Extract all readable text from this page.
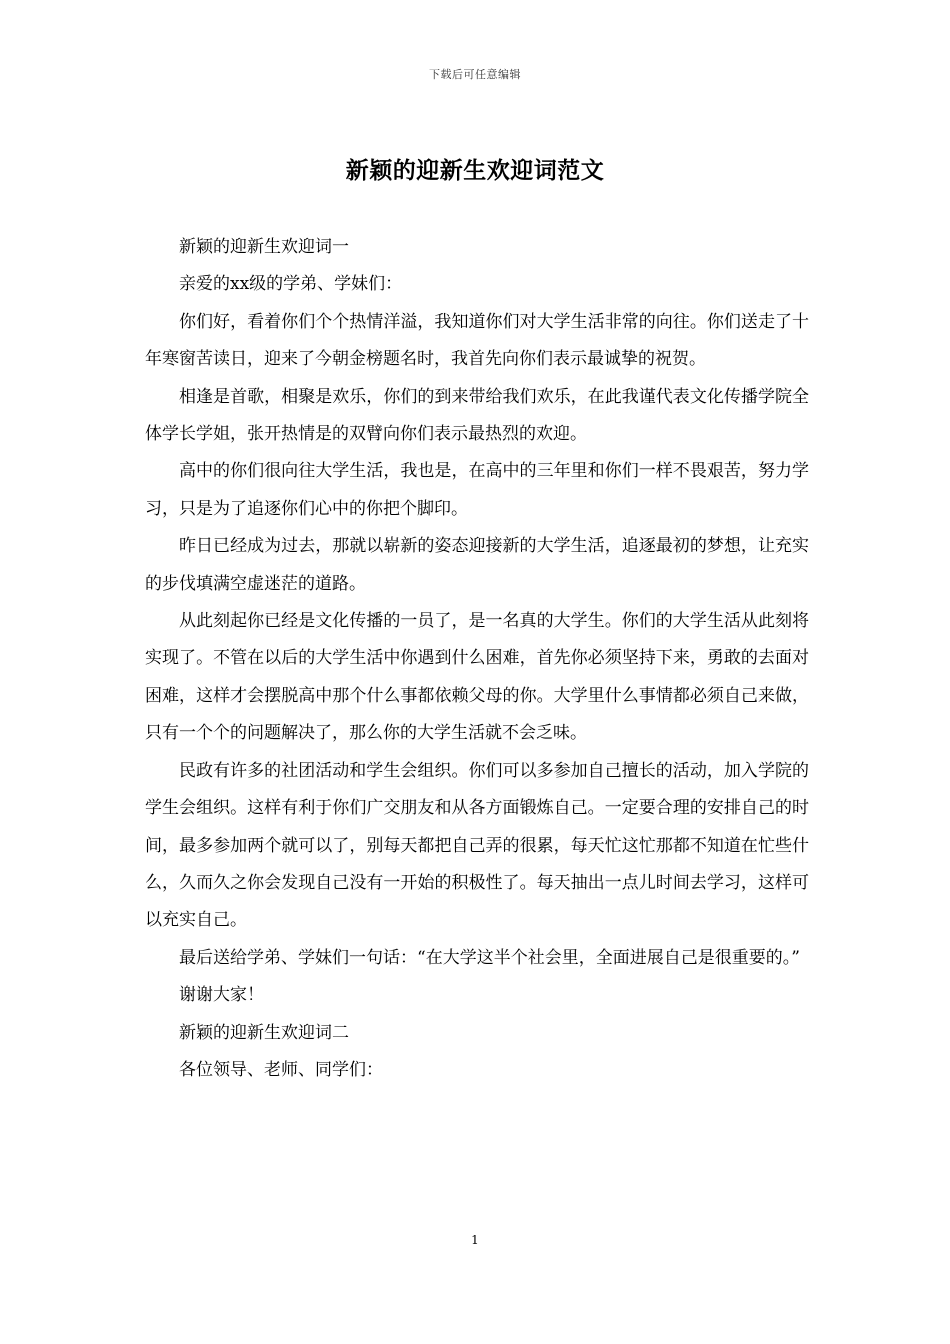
下载后可任意编辑
新颖的迎新生欢迎词范文

新颖的迎新生欢迎词一

亲爱的xx级的学弟、学妹们：

你们好，看着你们个个热情洋溢，我知道你们对大学生活非常的向往。你们送走了十年寒窗苦读日，迎来了今朝金榜题名时，我首先向你们表示最诚挚的祝贺。

相逢是首歌，相聚是欢乐，你们的到来带给我们欢乐，在此我谨代表文化传播学院全体学长学姐，张开热情是的双臂向你们表示最热烈的欢迎。

高中的你们很向往大学生活，我也是，在高中的三年里和你们一样不畏艰苦，努力学习，只是为了追逐你们心中的你把个脚印。

昨日已经成为过去，那就以崭新的姿态迎接新的大学生活，追逐最初的梦想，让充实的步伐填满空虚迷茫的道路。

从此刻起你已经是文化传播的一员了，是一名真的大学生。你们的大学生活从此刻将实现了。不管在以后的大学生活中你遇到什么困难，首先你必须坚持下来，勇敢的去面对困难，这样才会摆脱高中那个什么事都依赖父母的你。大学里什么事情都必须自己来做，只有一个个的问题解决了，那么你的大学生活就不会乏味。

民政有许多的社团活动和学生会组织。你们可以多参加自己擅长的活动，加入学院的学生会组织。这样有利于你们广交朋友和从各方面锻炼自己。一定要合理的安排自己的时间，最多参加两个就可以了，别每天都把自己弄的很累，每天忙这忙那都不知道在忙些什么，久而久之你会发现自己没有一开始的积极性了。每天抽出一点儿时间去学习，这样可以充实自己。

最后送给学弟、学妹们一句话：“在大学这半个社会里，全面进展自己是很重要的。”

谢谢大家！

新颖的迎新生欢迎词二

各位领导、老师、同学们：

1
